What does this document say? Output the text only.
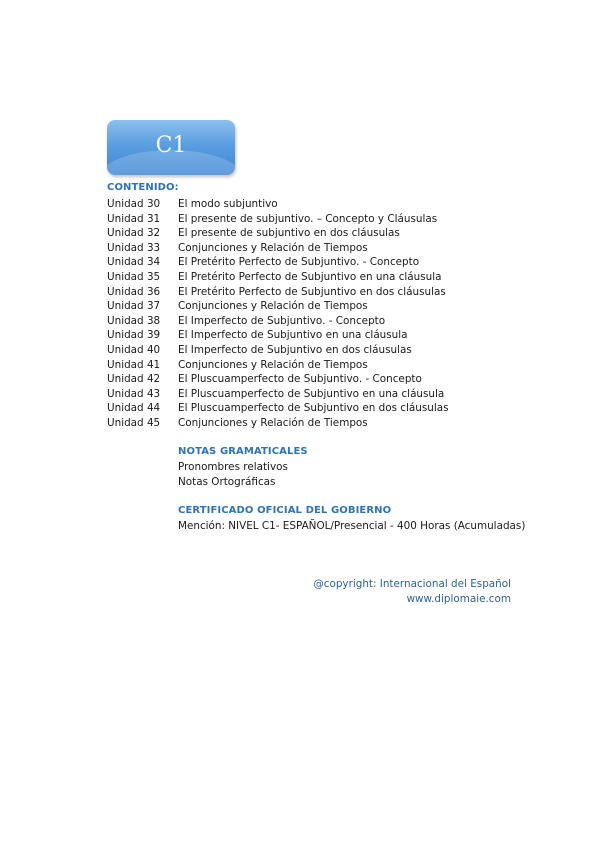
C1
CONTENIDO:
Unidad 30	El modo subjuntivo
Unidad 31	El presente de subjuntivo. – Concepto y Cláusulas
Unidad 32	El presente de subjuntivo en dos cláusulas
Unidad 33	Conjunciones y Relación de Tiempos
Unidad 34	El Pretérito Perfecto de Subjuntivo. - Concepto
Unidad 35	El Pretérito Perfecto de Subjuntivo en una cláusula
Unidad 36	El Pretérito Perfecto de Subjuntivo en dos cláusulas
Unidad 37	Conjunciones y Relación de Tiempos
Unidad 38	El Imperfecto de Subjuntivo. - Concepto
Unidad 39	El Imperfecto de Subjuntivo en una cláusula
Unidad 40	El Imperfecto de Subjuntivo en dos cláusulas
Unidad 41	Conjunciones y Relación de Tiempos
Unidad 42	El Pluscuamperfecto de Subjuntivo. - Concepto
Unidad 43	El Pluscuamperfecto de Subjuntivo en una cláusula
Unidad 44	El Pluscuamperfecto de Subjuntivo en dos cláusulas
Unidad 45	Conjunciones y Relación de Tiempos
NOTAS GRAMATICALES
Pronombres relativos
Notas Ortográficas
CERTIFICADO OFICIAL DEL GOBIERNO
Mención: NIVEL C1- ESPAÑOL/Presencial - 400 Horas (Acumuladas)
@copyright: Internacional del Español
www.diplomaie.com
